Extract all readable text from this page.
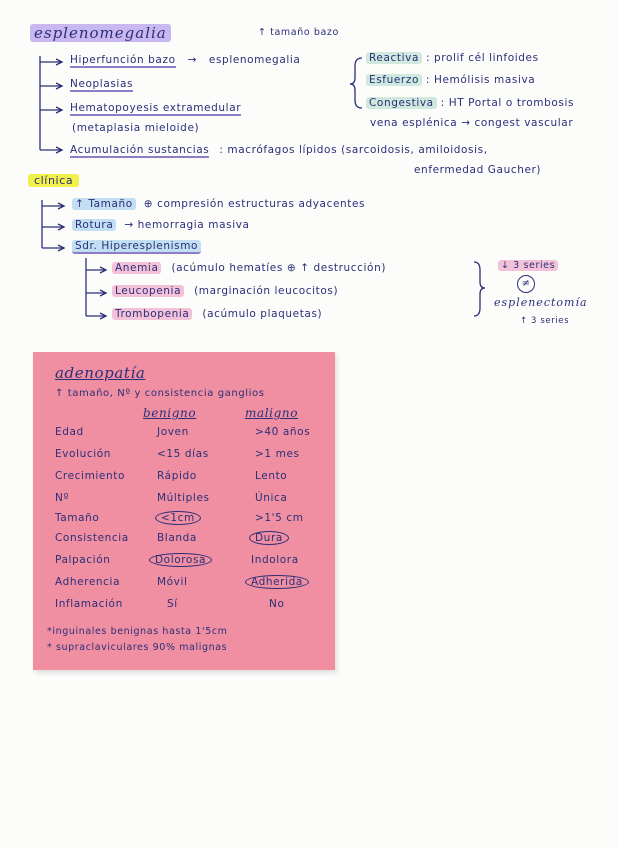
esplenomegalia	↑ tamaño bazo
Hiperfunción bazo → esplenomegalia
Neoplasias
Hematopoyesis extramedular
(metaplasia mieloide)
Acumulación sustancias : macrófagos lípidos (sarcoidosis, amiloidosis,
enfermedad Gaucher)
Reactiva : prolif cél linfoides
Esfuerzo : Hemólisis masiva
Congestiva : HT Portal o trombosis
vena esplénica → congest vascular
clínica
↑ Tamaño ⊕ compresión estructuras adyacentes
Rotura → hemorragia masiva
Sdr. Hiperesplenismo
Anemia (acúmulo hematíes ⊕ ↑ destrucción)
Leucopenia (marginación leucocitos)
Trombopenia (acúmulo plaquetas)
↓ 3 series
≠
esplenectomía
↑ 3 series
adenopatía
↑ tamaño, Nº y consistencia ganglios
benigno	maligno
Edad	Joven	>40 años
Evolución	<15 días	>1 mes
Crecimiento	Rápido	Lento
Nº	Múltiples	Única
Tamaño	<1cm	>1'5 cm
Consistencia	Blanda	Dura
Palpación	Dolorosa	Indolora
Adherencia	Móvil	Adherida
Inflamación	Sí	No
*inguinales benignas hasta 1'5cm
* supraclaviculares 90% malignas
